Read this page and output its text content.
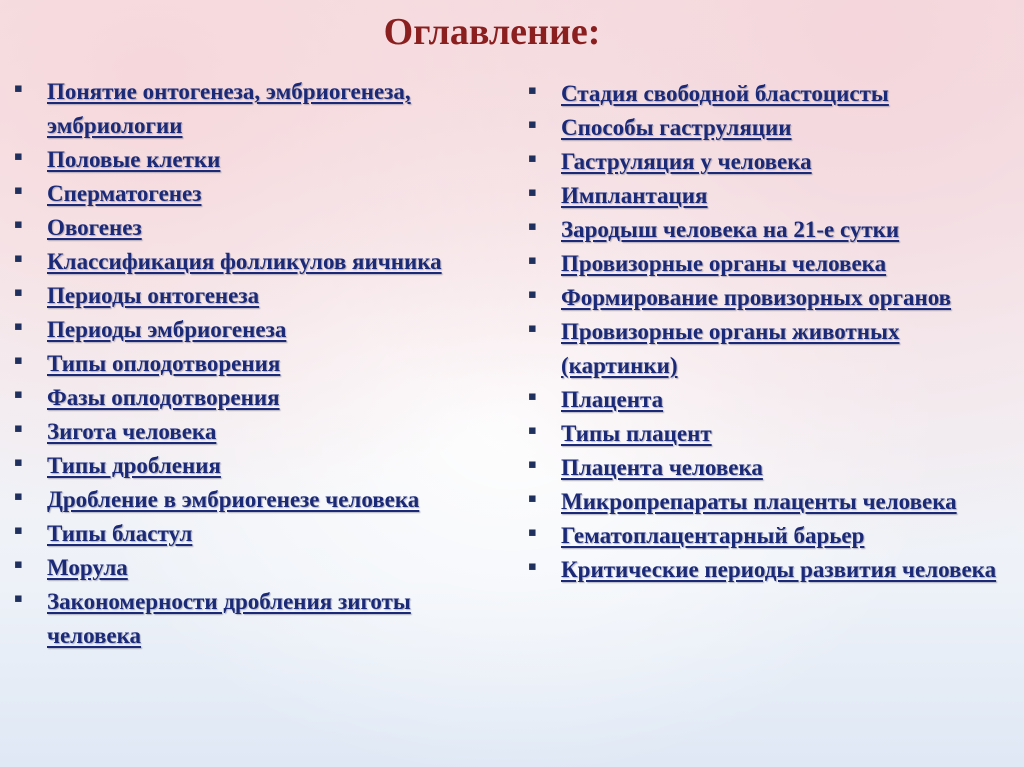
Оглавление:
▪	Понятие онтогенеза, эмбриогенеза, эмбриологии
▪	Половые клетки
▪	Сперматогенез
▪	Овогенез
▪	Классификация фолликулов яичника
▪	Периоды онтогенеза
▪	Периоды эмбриогенеза
▪	Типы оплодотворения
▪	Фазы оплодотворения
▪	Зигота человека
▪	Типы дробления
▪	Дробление в эмбриогенезе человека
▪	Типы бластул
▪	Морула
▪	Закономерности дробления зиготы человека
▪	Стадия свободной бластоцисты
▪	Способы гаструляции
▪	Гаструляция у человека
▪	Имплантация
▪	Зародыш человека на 21-е сутки
▪	Провизорные органы человека
▪	Формирование провизорных органов
▪	Провизорные органы животных (картинки)
▪	Плацента
▪	Типы плацент
▪	Плацента человека
▪	Микропрепараты плаценты человека
▪	Гематоплацентарный барьер
▪	Критические периоды развития человека
